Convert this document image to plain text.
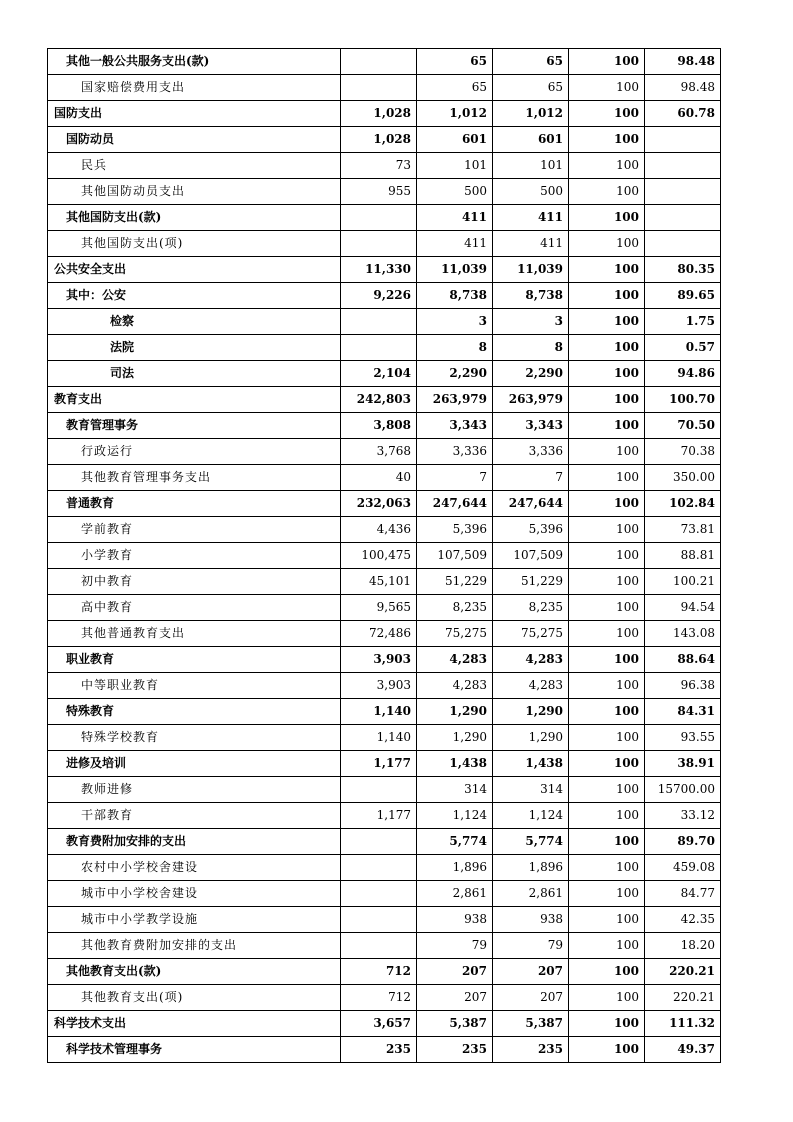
其他一般公共服务支出(款)		65	65	100	98.48
国家赔偿费用支出		65	65	100	98.48
国防支出	1,028	1,012	1,012	100	60.78
国防动员	1,028	601	601	100	
民兵	73	101	101	100	
其他国防动员支出	955	500	500	100	
其他国防支出(款)		411	411	100	
其他国防支出(项)		411	411	100	
公共安全支出	11,330	11,039	11,039	100	80.35
其中：公安	9,226	8,738	8,738	100	89.65
检察		3	3	100	1.75
法院		8	8	100	0.57
司法	2,104	2,290	2,290	100	94.86
教育支出	242,803	263,979	263,979	100	100.70
教育管理事务	3,808	3,343	3,343	100	70.50
行政运行	3,768	3,336	3,336	100	70.38
其他教育管理事务支出	40	7	7	100	350.00
普通教育	232,063	247,644	247,644	100	102.84
学前教育	4,436	5,396	5,396	100	73.81
小学教育	100,475	107,509	107,509	100	88.81
初中教育	45,101	51,229	51,229	100	100.21
高中教育	9,565	8,235	8,235	100	94.54
其他普通教育支出	72,486	75,275	75,275	100	143.08
职业教育	3,903	4,283	4,283	100	88.64
中等职业教育	3,903	4,283	4,283	100	96.38
特殊教育	1,140	1,290	1,290	100	84.31
特殊学校教育	1,140	1,290	1,290	100	93.55
进修及培训	1,177	1,438	1,438	100	38.91
教师进修		314	314	100	15700.00
干部教育	1,177	1,124	1,124	100	33.12
教育费附加安排的支出		5,774	5,774	100	89.70
农村中小学校舍建设		1,896	1,896	100	459.08
城市中小学校舍建设		2,861	2,861	100	84.77
城市中小学教学设施		938	938	100	42.35
其他教育费附加安排的支出		79	79	100	18.20
其他教育支出(款)	712	207	207	100	220.21
其他教育支出(项)	712	207	207	100	220.21
科学技术支出	3,657	5,387	5,387	100	111.32
科学技术管理事务	235	235	235	100	49.37
